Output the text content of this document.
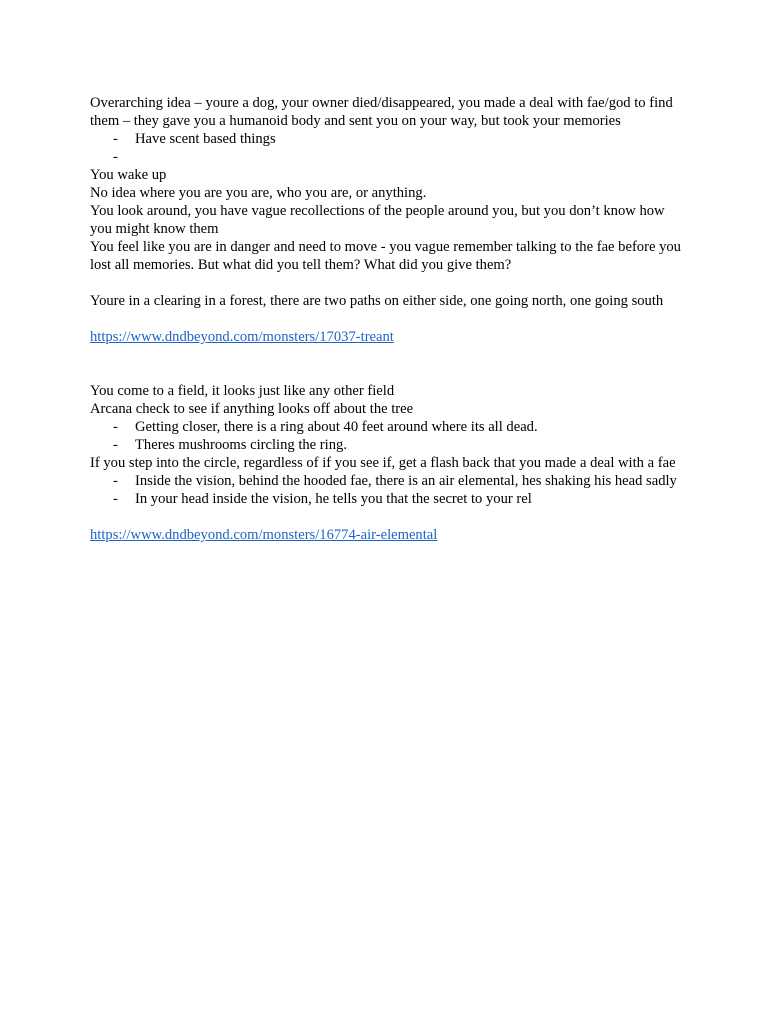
Overarching idea – youre a dog, your owner died/disappeared, you made a deal with fae/god to find them – they gave you a humanoid body and sent you on your way, but took your memories

- Have scent based things
-

You wake up

No idea where you are you are, who you are, or anything.

You look around, you have vague recollections of the people around you, but you don’t know how you might know them

You feel like you are in danger and need to move - you vague remember talking to the fae before you lost all memories. But what did you tell them? What did you give them?

Youre in a clearing in a forest, there are two paths on either side, one going north, one going south

https://www.dndbeyond.com/monsters/17037-treant

You come to a field, it looks just like any other field

Arcana check to see if anything looks off about the tree

- Getting closer, there is a ring about 40 feet around where its all dead.
- Theres mushrooms circling the ring.

If you step into the circle, regardless of if you see if, get a flash back that you made a deal with a fae

- Inside the vision, behind the hooded fae, there is an air elemental, hes shaking his head sadly
- In your head inside the vision, he tells you that the secret to your rel

https://www.dndbeyond.com/monsters/16774-air-elemental
